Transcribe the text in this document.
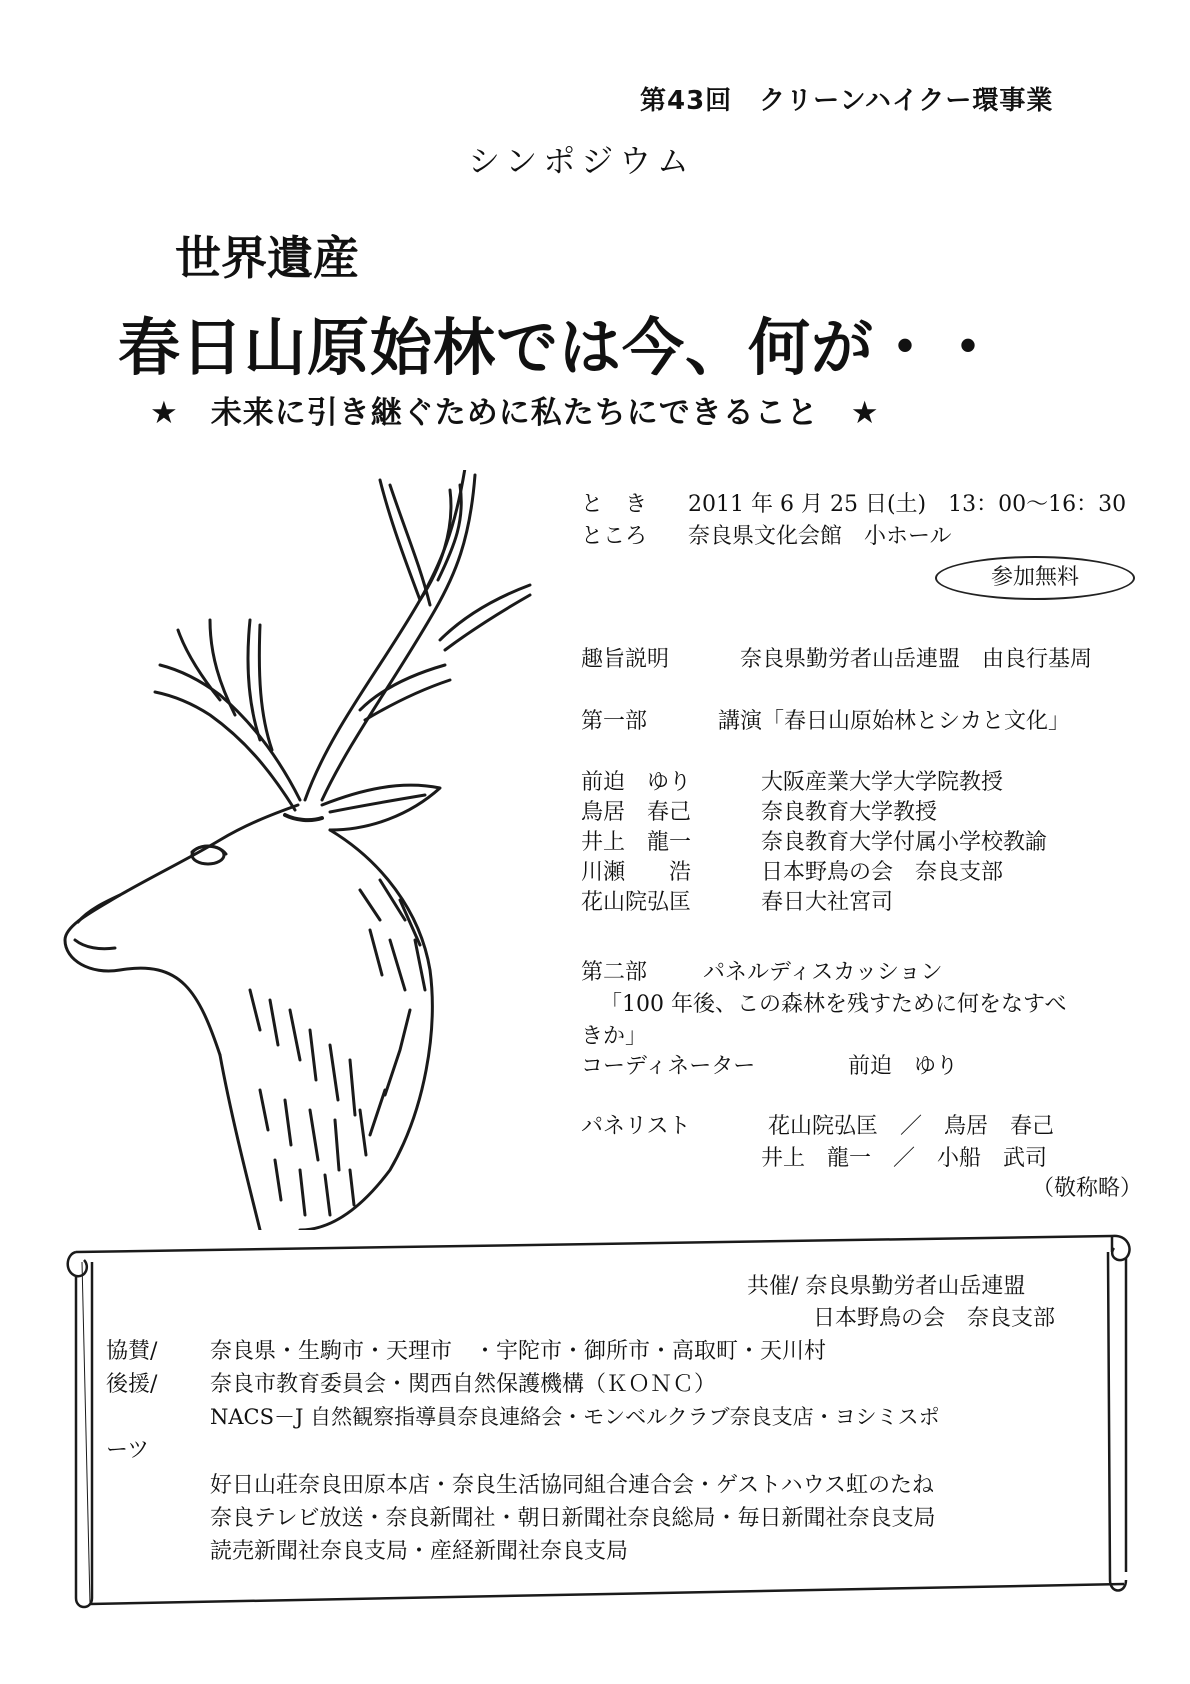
第43回　クリーンハイクー環事業
シンポジウム
世界遺産
春日山原始林では今、何が・・
★　未来に引き継ぐために私たちにできること　★
と　き 2011 年 6 月 25 日(土)　13：00～16：30
ところ 奈良県文化会館　小ホール
参加無料
趣旨説明	奈良県勤労者山岳連盟　由良行基周
第一部	講演「春日山原始林とシカと文化」
前迫　ゆり	大阪産業大学大学院教授
鳥居　春己	奈良教育大学教授
井上　龍一	奈良教育大学付属小学校教諭
川瀬　　浩	日本野鳥の会　奈良支部
花山院弘匡	春日大社宮司
第二部	パネルディスカッション
「100 年後、この森林を残すために何をなすべ
きか」
コーディネーター	前迫　ゆり
パネリスト	花山院弘匡　／　鳥居　春己
井上　龍一　／　小船　武司
（敬称略）
共催/ 奈良県勤労者山岳連盟
日本野鳥の会　奈良支部
協賛/ 奈良県・生駒市・天理市　・宇陀市・御所市・高取町・天川村
後援/ 奈良市教育委員会・関西自然保護機構（ＫＯＮＣ）
NACS－J 自然観察指導員奈良連絡会・モンベルクラブ奈良支店・ヨシミスポ
ーツ
好日山荘奈良田原本店・奈良生活協同組合連合会・ゲストハウス虹のたね
奈良テレビ放送・奈良新聞社・朝日新聞社奈良総局・毎日新聞社奈良支局
読売新聞社奈良支局・産経新聞社奈良支局
